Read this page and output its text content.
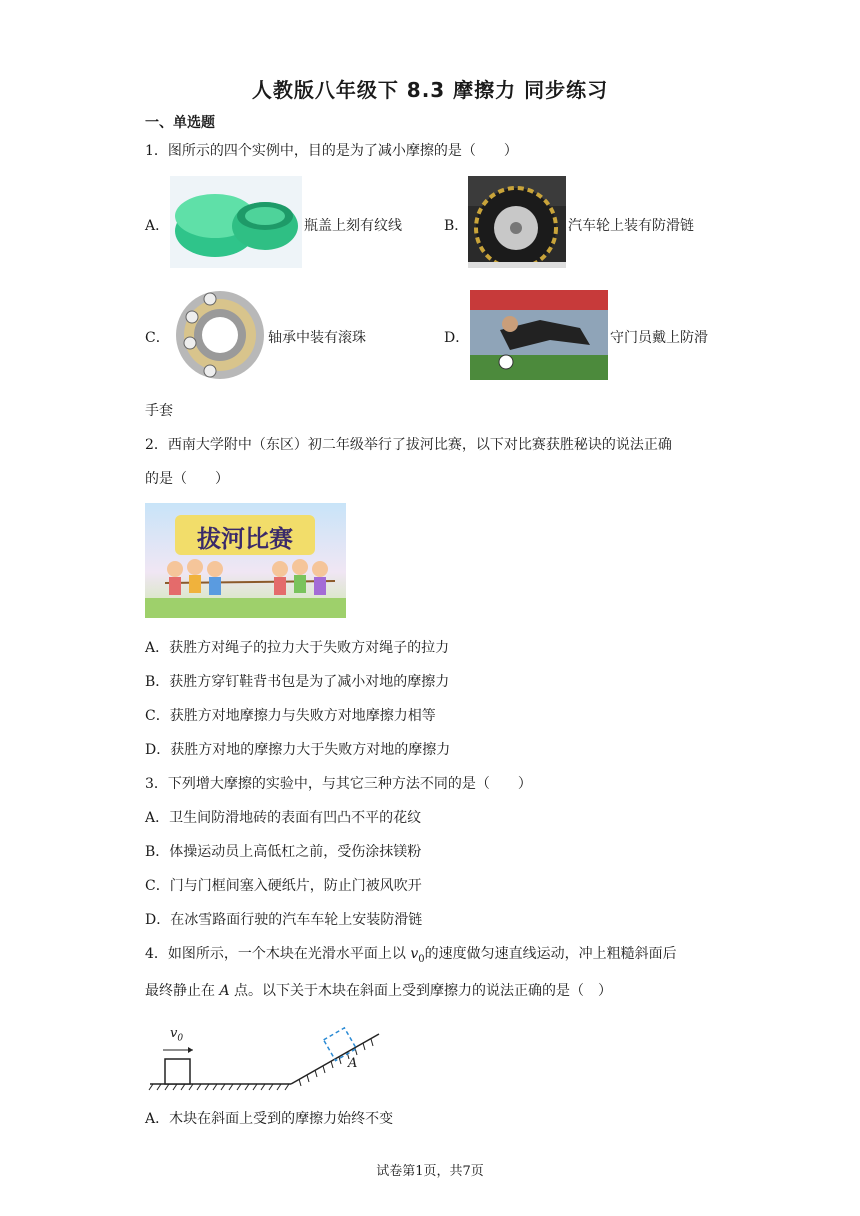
人教版八年级下 8.3 摩擦力 同步练习
一、单选题
1．图所示的四个实例中，目的是为了减小摩擦的是（　　）
A．	瓶盖上刻有纹线	B．	汽车轮上装有防滑链
C．	轴承中装有滚珠	D．	守门员戴上防滑
手套
2．西南大学附中（东区）初二年级举行了拔河比赛，以下对比赛获胜秘诀的说法正确
的是（　　）
拔河比赛
A．获胜方对绳子的拉力大于失败方对绳子的拉力
B．获胜方穿钉鞋背书包是为了减小对地的摩擦力
C．获胜方对地摩擦力与失败方对地摩擦力相等
D．获胜方对地的摩擦力大于失败方对地的摩擦力
3．下列增大摩擦的实验中，与其它三种方法不同的是（　　）
A．卫生间防滑地砖的表面有凹凸不平的花纹
B．体操运动员上高低杠之前，受伤涂抹镁粉
C．门与门框间塞入硬纸片，防止门被风吹开
D．在冰雪路面行驶的汽车车轮上安装防滑链
4．如图所示，一个木块在光滑水平面上以 $v_0$的速度做匀速直线运动，冲上粗糙斜面后
最终静止在 A 点。以下关于木块在斜面上受到摩擦力的说法正确的是（　）
$v_0$
A
A．木块在斜面上受到的摩擦力始终不变
试卷第1页，共7页
